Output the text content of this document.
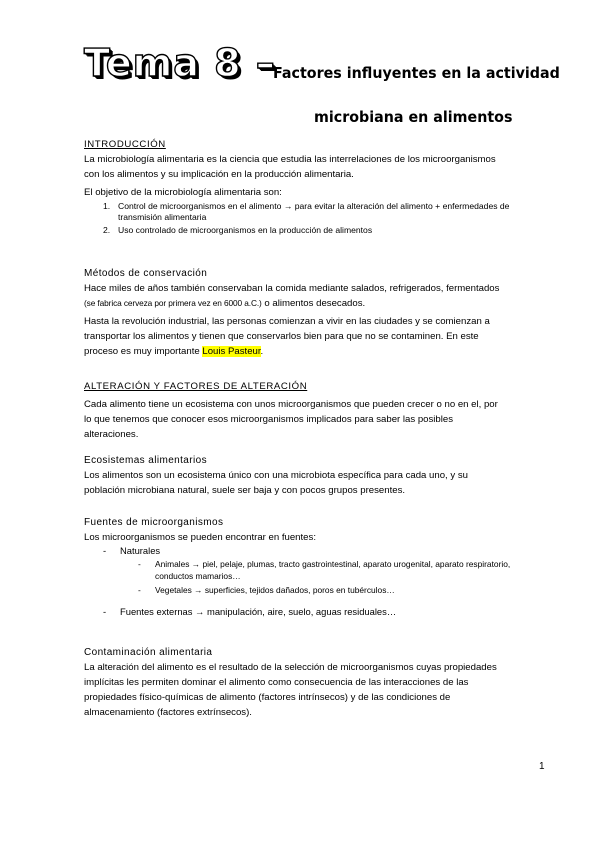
Tema 8 –
Factores influyentes en la actividad
microbiana en alimentos

INTRODUCCIÓN

La microbiología alimentaria es la ciencia que estudia las interrelaciones de los microorganismos

con los alimentos y su implicación en la producción alimentaria.

El objetivo de la microbiología alimentaria son:

1. Control de microorganismos en el alimento → para evitar la alteración del alimento + enfermedades de

transmisión alimentaria

2. Uso controlado de microorganismos en la producción de alimentos

Métodos de conservación

Hace miles de años también conservaban la comida mediante salados, refrigerados, fermentados

(se fabrica cerveza por primera vez en 6000 a.C.) o alimentos desecados.

Hasta la revolución industrial, las personas comienzan a vivir en las ciudades y se comienzan a

transportar los alimentos y tienen que conservarlos bien para que no se contaminen. En este

proceso es muy importante Louis Pasteur.

ALTERACIÓN Y FACTORES DE ALTERACIÓN

Cada alimento tiene un ecosistema con unos microorganismos que pueden crecer o no en el, por

lo que tenemos que conocer esos microorganismos implicados para saber las posibles

alteraciones.

Ecosistemas alimentarios

Los alimentos son un ecosistema único con una microbiota específica para cada uno, y su

población microbiana natural, suele ser baja y con pocos grupos presentes.

Fuentes de microorganismos

Los microorganismos se pueden encontrar en fuentes:

- Naturales
- Animales → piel, pelaje, plumas, tracto gastrointestinal, aparato urogenital, aparato respiratorio,

conductos mamarios…

- Vegetales → superficies, tejidos dañados, poros en tubérculos…

- Fuentes externas → manipulación, aire, suelo, aguas residuales…

Contaminación alimentaria

La alteración del alimento es el resultado de la selección de microorganismos cuyas propiedades

implícitas les permiten dominar el alimento como consecuencia de las interacciones de las

propiedades físico-químicas de alimento (factores intrínsecos) y de las condiciones de

almacenamiento (factores extrínsecos).

1
